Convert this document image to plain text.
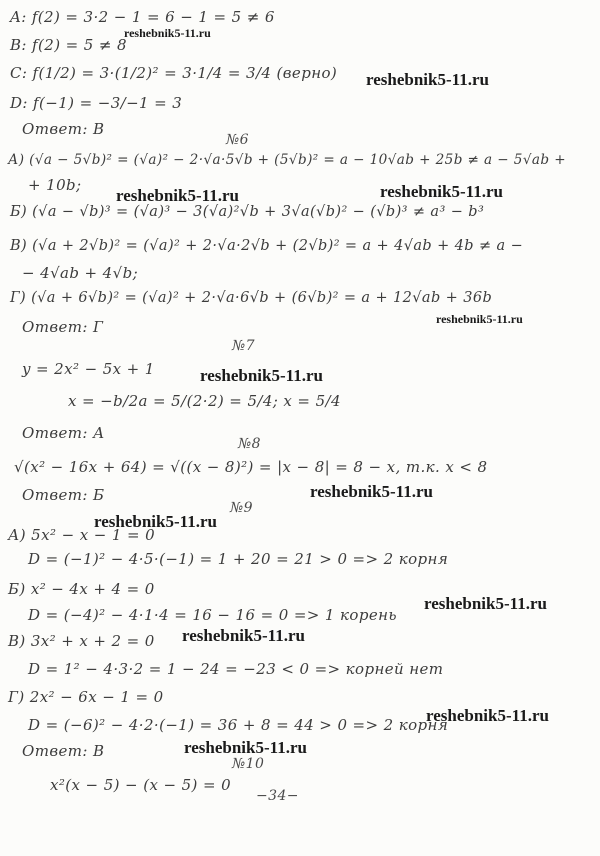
A: f(2) = 3·2 − 1 = 6 − 1 = 5 ≠ 6
B: f(2) = 5 ≠ 8
C: f(1/2) = 3·(1/2)² = 3·1/4 = 3/4 (верно)
D: f(−1) = −3/−1 = 3
Ответ: В
№6
А) (√a − 5√b)² = (√a)² − 2·√a·5√b + (5√b)² = a − 10√ab + 25b ≠ a − 5√ab +
+ 10b;
Б) (√a − √b)³ = (√a)³ − 3(√a)²√b + 3√a(√b)² − (√b)³ ≠ a³ − b³
В) (√a + 2√b)² = (√a)² + 2·√a·2√b + (2√b)² = a + 4√ab + 4b ≠ a −
− 4√ab + 4√b;
Г) (√a + 6√b)² = (√a)² + 2·√a·6√b + (6√b)² = a + 12√ab + 36b
Ответ: Г
№7
y = 2x² − 5x + 1
x = −b/2a = 5/(2·2) = 5/4; x = 5/4
Ответ: А
№8
√(x² − 16x + 64) = √((x − 8)²) = |x − 8| = 8 − x, т.к. x < 8
Ответ: Б
№9
А) 5x² − x − 1 = 0
D = (−1)² − 4·5·(−1) = 1 + 20 = 21 > 0 => 2 корня
Б) x² − 4x + 4 = 0
D = (−4)² − 4·1·4 = 16 − 16 = 0 => 1 корень
В) 3x² + x + 2 = 0
D = 1² − 4·3·2 = 1 − 24 = −23 < 0 => корней нет
Г) 2x² − 6x − 1 = 0
D = (−6)² − 4·2·(−1) = 36 + 8 = 44 > 0 => 2 корня
Ответ: В
№10
x²(x − 5) − (x − 5) = 0
−34−
reshebnik5-11.ru
reshebnik5-11.ru
reshebnik5-11.ru	reshebnik5-11.ru
reshebnik5-11.ru
reshebnik5-11.ru
reshebnik5-11.ru
reshebnik5-11.ru
reshebnik5-11.ru
reshebnik5-11.ru
reshebnik5-11.ru
reshebnik5-11.ru
